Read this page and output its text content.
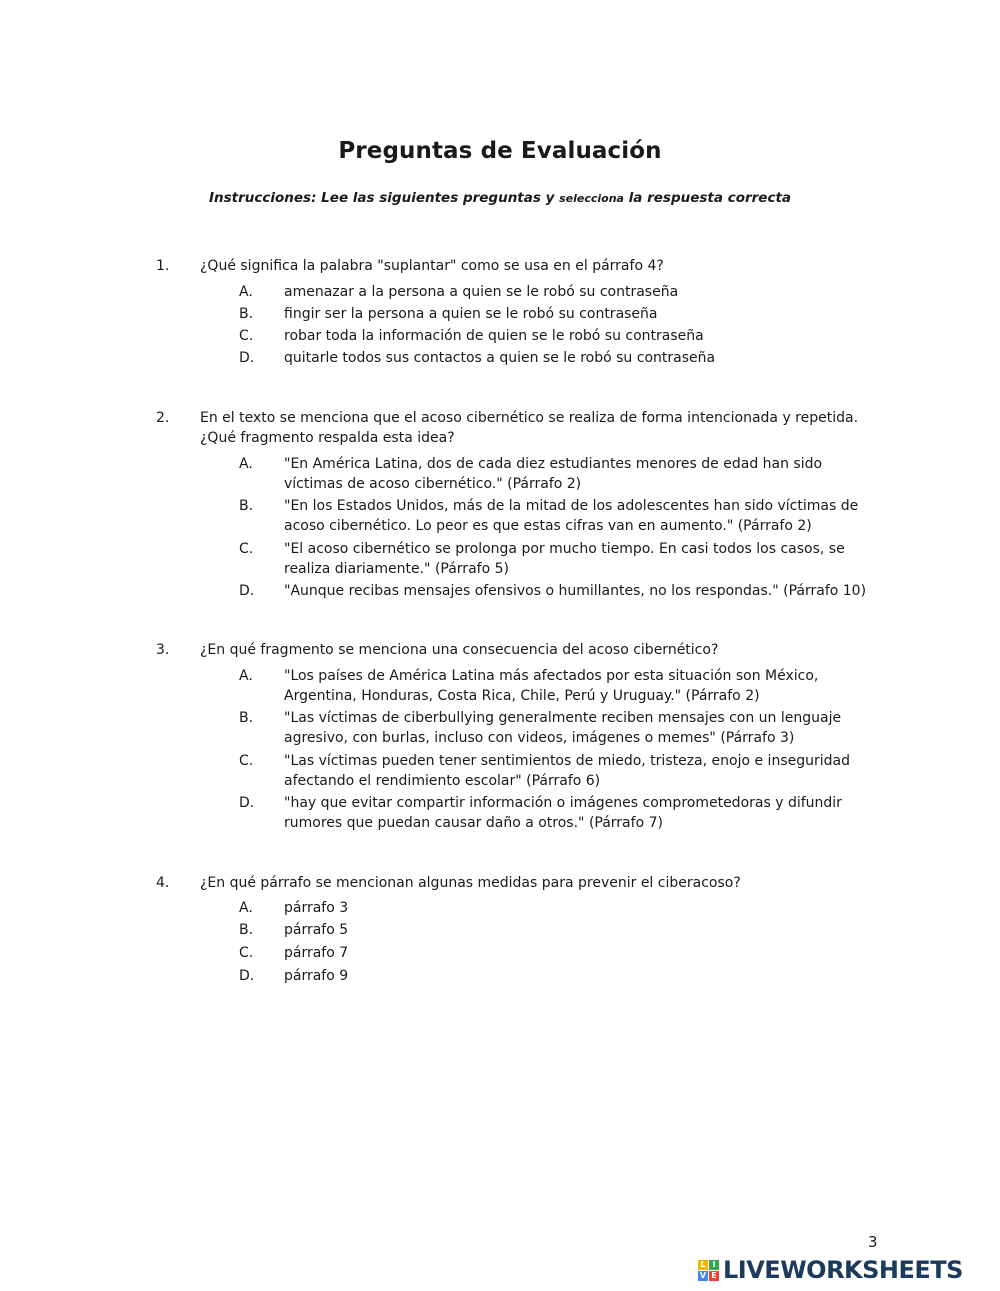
Preguntas de Evaluación

Instrucciones: Lee las siguientes preguntas y selecciona la respuesta correcta

1. ¿Qué significa la palabra "suplantar" como se usa en el párrafo 4?
A. amenazar a la persona a quien se le robó su contraseña
B. fingir ser la persona a quien se le robó su contraseña
C. robar toda la información de quien se le robó su contraseña
D. quitarle todos sus contactos a quien se le robó su contraseña
2. En el texto se menciona que el acoso cibernético se realiza de forma intencionada y repetida. ¿Qué fragmento respalda esta idea?
A. "En América Latina, dos de cada diez estudiantes menores de edad han sido víctimas de acoso cibernético." (Párrafo 2)
B. "En los Estados Unidos, más de la mitad de los adolescentes han sido víctimas de acoso cibernético. Lo peor es que estas cifras van en aumento." (Párrafo 2)
C. "El acoso cibernético se prolonga por mucho tiempo. En casi todos los casos, se realiza diariamente." (Párrafo 5)
D. "Aunque recibas mensajes ofensivos o humillantes, no los respondas." (Párrafo 10)
3. ¿En qué fragmento se menciona una consecuencia del acoso cibernético?
A. "Los países de América Latina más afectados por esta situación son México, Argentina, Honduras, Costa Rica, Chile, Perú y Uruguay." (Párrafo 2)
B. "Las víctimas de ciberbullying generalmente reciben mensajes con un lenguaje agresivo, con burlas, incluso con videos, imágenes o memes" (Párrafo 3)
C. "Las víctimas pueden tener sentimientos de miedo, tristeza, enojo e inseguridad afectando el rendimiento escolar" (Párrafo 6)
D. "hay que evitar compartir información o imágenes comprometedoras y difundir rumores que puedan causar daño a otros." (Párrafo 7)
4. ¿En qué párrafo se mencionan algunas medidas para prevenir el ciberacoso?
A. párrafo 3
B. párrafo 5
C. párrafo 7
D. párrafo 9
3
L I
V E LIVEWORKSHEETS
